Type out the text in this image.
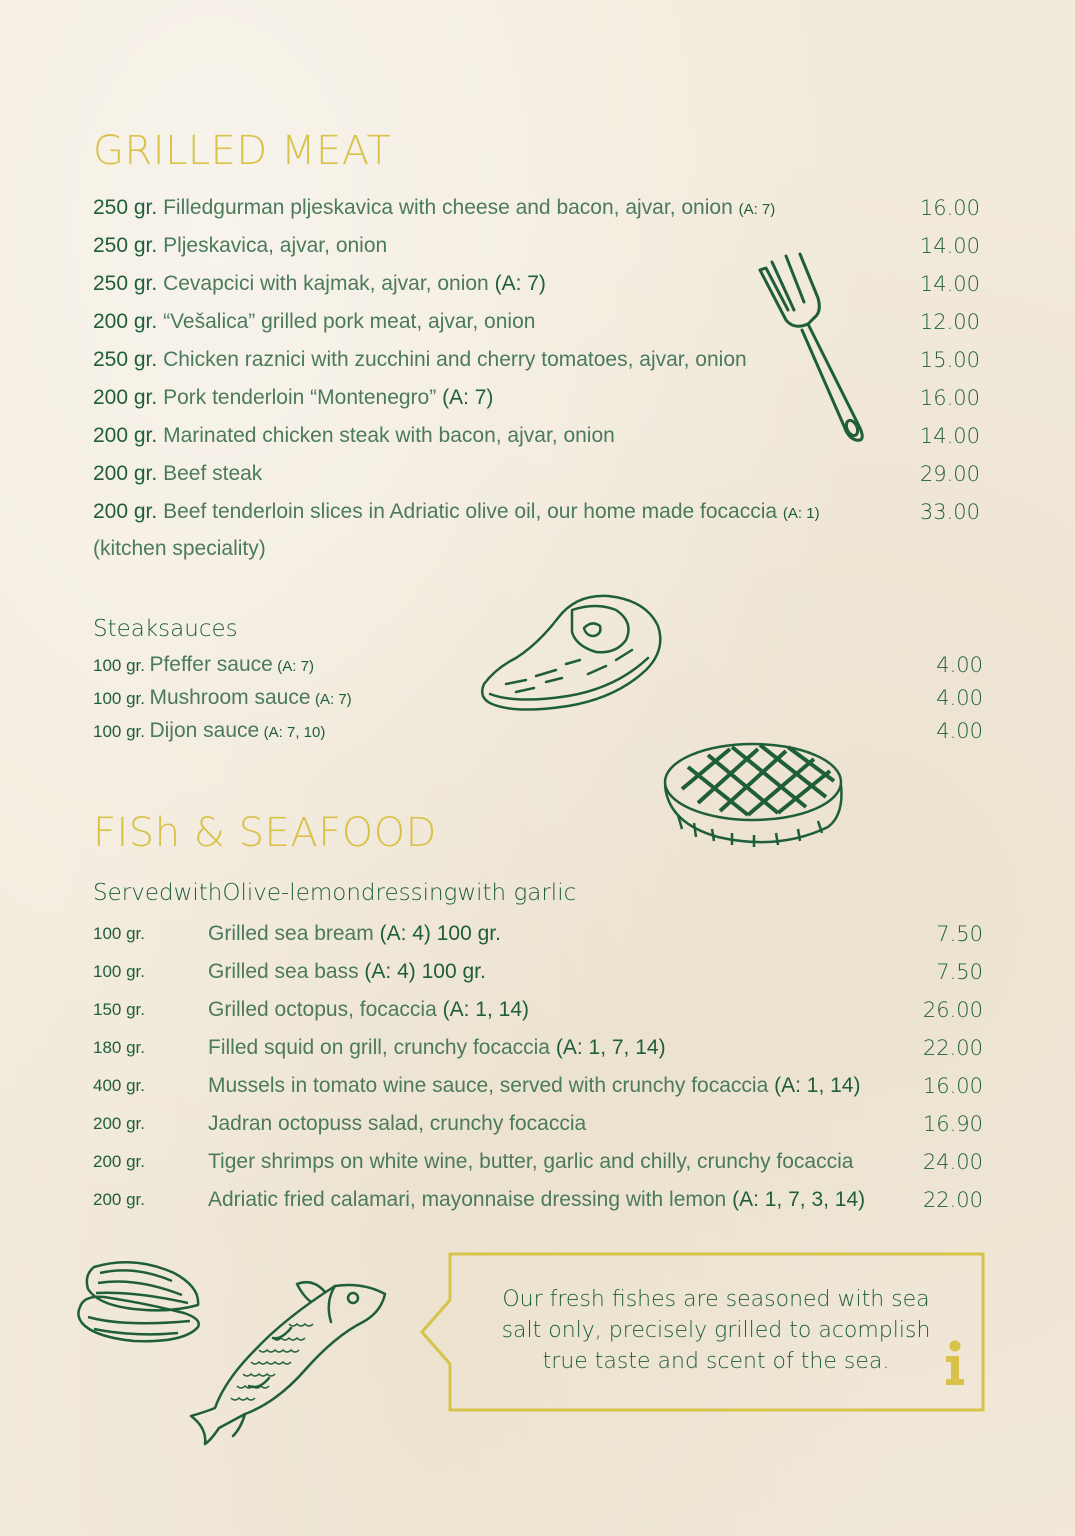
GRILLED MEAT
250 gr. Filledgurman pljeskavica with cheese and bacon, ajvar, onion (A: 7)	16.00
250 gr. Pljeskavica, ajvar, onion	14.00
250 gr. Cevapcici with kajmak, ajvar, onion (A: 7)	14.00
200 gr. “Vešalica” grilled pork meat, ajvar, onion	12.00
250 gr. Chicken raznici with zucchini and cherry tomatoes, ajvar, onion	15.00
200 gr. Pork tenderloin “Montenegro” (A: 7)	16.00
200 gr. Marinated chicken steak with bacon, ajvar, onion	14.00
200 gr. Beef steak	29.00
200 gr. Beef tenderloin slices in Adriatic olive oil, our home made focaccia (A: 1)	33.00
(kitchen speciality)
Steaksauces
100 gr. Pfeffer sauce (A: 7)	4.00
100 gr. Mushroom sauce (A: 7)	4.00
100 gr. Dijon sauce (A: 7, 10)	4.00
FISh & SEAFOOD
ServedwithOlive-lemondressingwith garlic
100 gr.	Grilled sea bream (A: 4) 100 gr.	7.50
100 gr.	Grilled sea bass (A: 4) 100 gr.	7.50
150 gr.	Grilled octopus, focaccia (A: 1, 14)	26.00
180 gr.	Filled squid on grill, crunchy focaccia (A: 1, 7, 14)	22.00
400 gr.	Mussels in tomato wine sauce, served with crunchy focaccia (A: 1, 14)	16.00
200 gr.	Jadran octopuss salad, crunchy focaccia	16.90
200 gr.	Tiger shrimps on white wine, butter, garlic and chilly, crunchy focaccia	24.00
200 gr.	Adriatic fried calamari, mayonnaise dressing with lemon (A: 1, 7, 3, 14)	22.00
Our fresh fishes are seasoned with sea
salt only, precisely grilled to acomplish
true taste and scent of the sea.
